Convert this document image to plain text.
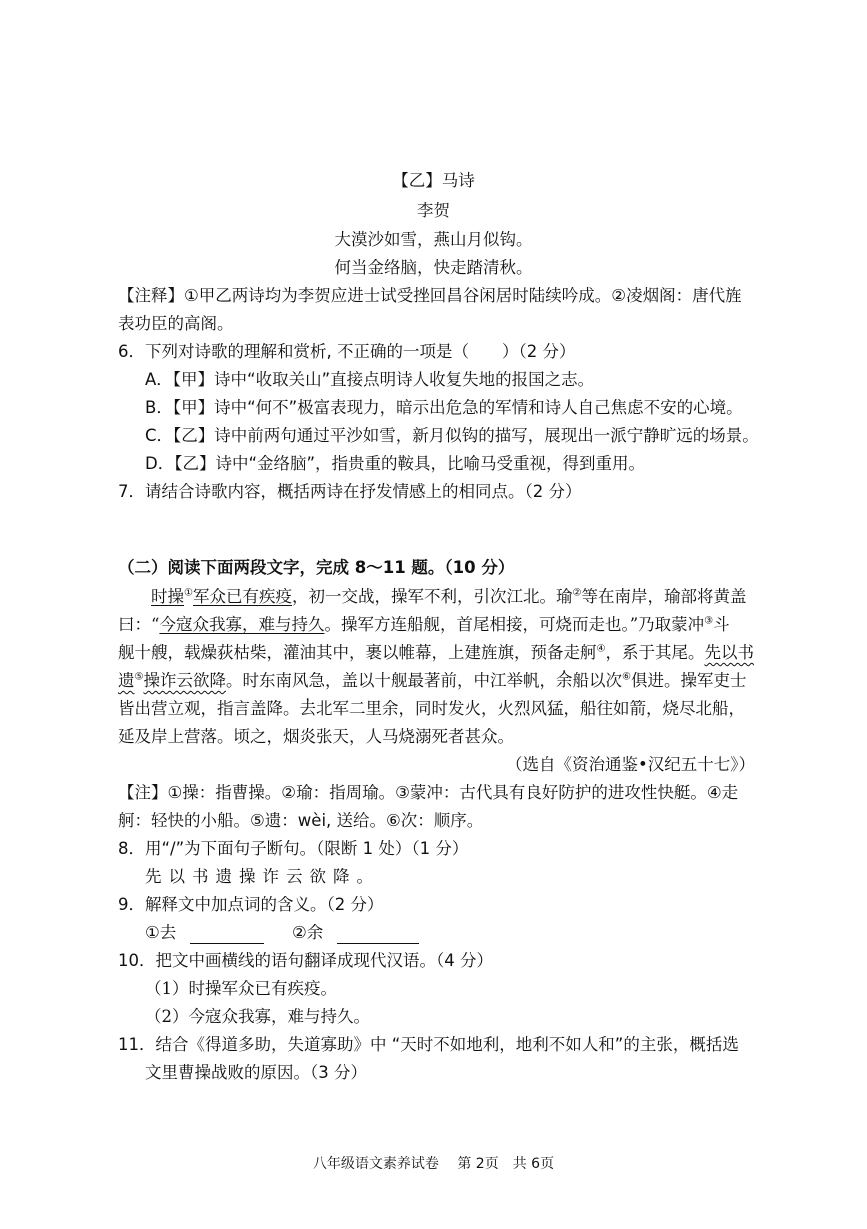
【乙】马诗
李贺
大漠沙如雪，燕山月似钩。
何当金络脑，快走踏清秋。
【注释】①甲乙两诗均为李贺应进士试受挫回昌谷闲居时陆续吟成。②凌烟阁：唐代旌
表功臣的高阁。
6．下列对诗歌的理解和赏析, 不正确的一项是（　　）（2 分）
A．【甲】诗中“收取关山”直接点明诗人收复失地的报国之志。
B．【甲】诗中“何不”极富表现力，暗示出危急的军情和诗人自己焦虑不安的心境。
C．【乙】诗中前两句通过平沙如雪，新月似钩的描写，展现出一派宁静旷远的场景。
D．【乙】诗中“金络脑”，指贵重的鞍具，比喻马受重视，得到重用。
7．请结合诗歌内容，概括两诗在抒发情感上的相同点。（2 分）
（二）阅读下面两段文字，完成 8～11 题。（10 分）
时操①军众已有疾疫，初一交战，操军不利，引次江北。瑜②等在南岸，瑜部将黄盖
曰：“今寇众我寡，难与持久。操军方连船舰，首尾相接，可烧而走也。”乃取蒙冲③斗
舰十艘，载燥荻枯柴，灌油其中，裹以帷幕，上建旌旗，预备走舸④，系于其尾。先以书
遗⑤操诈云欲降。时东南风急，盖以十舰最著前，中江举帆，余船以次⑥俱进。操军吏士
皆出营立观，指言盖降。去北军二里余，同时发火，火烈风猛，船往如箭，烧尽北船，
延及岸上营落。顷之，烟炎张天，人马烧溺死者甚众。
（选自《资治通鉴•汉纪五十七》）
【注】①操：指曹操。②瑜：指周瑜。③蒙冲：古代具有良好防护的进攻性快艇。④走
舸：轻快的小船。⑤遗：wèi, 送给。⑥次：顺序。
8．用“/”为下面句子断句。（限断 1 处）（1 分）
先以书遗操诈云欲降。
9．解释文中加点词的含义。（2 分）
①去	②余
10．把文中画横线的语句翻译成现代汉语。（4 分）
（1）时操军众已有疾疫。
（2）今寇众我寡，难与持久。
11．结合《得道多助，失道寡助》中 “天时不如地利，地利不如人和”的主张，概括选
文里曹操战败的原因。（3 分）
八年级语文素养试卷　 第 2页　共 6页
